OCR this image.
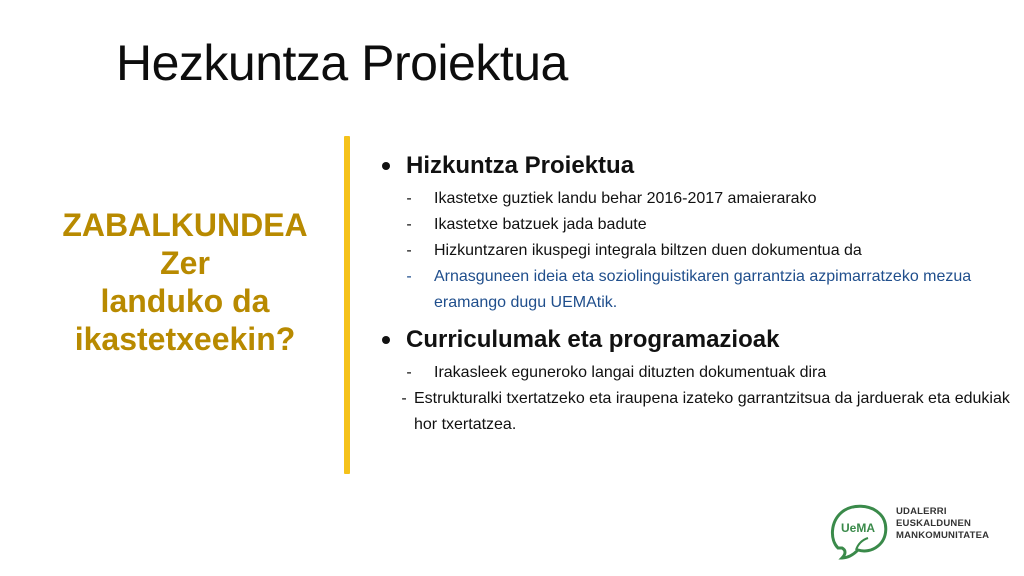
Hezkuntza Proiektua
ZABALKUNDEA
Zer
landuko da
ikastetxeekin?
Hizkuntza Proiektua
-	Ikastetxe guztiek landu behar 2016-2017 amaierarako
-	Ikastetxe batzuek jada badute
-	Hizkuntzaren ikuspegi integrala biltzen duen dokumentua da
-	Arnasguneen ideia eta soziolinguistikaren garrantzia azpimarratzeko mezua eramango dugu UEMAtik.
Curriculumak eta programazioak
-	Irakasleek eguneroko langai dituzten dokumentuak dira
- Estrukturalki txertatzeko eta iraupena izateko garrantzitsua da jarduerak eta edukiak hor txertatzea.
UeMA
UDALERRI
EUSKALDUNEN
MANKOMUNITATEA
